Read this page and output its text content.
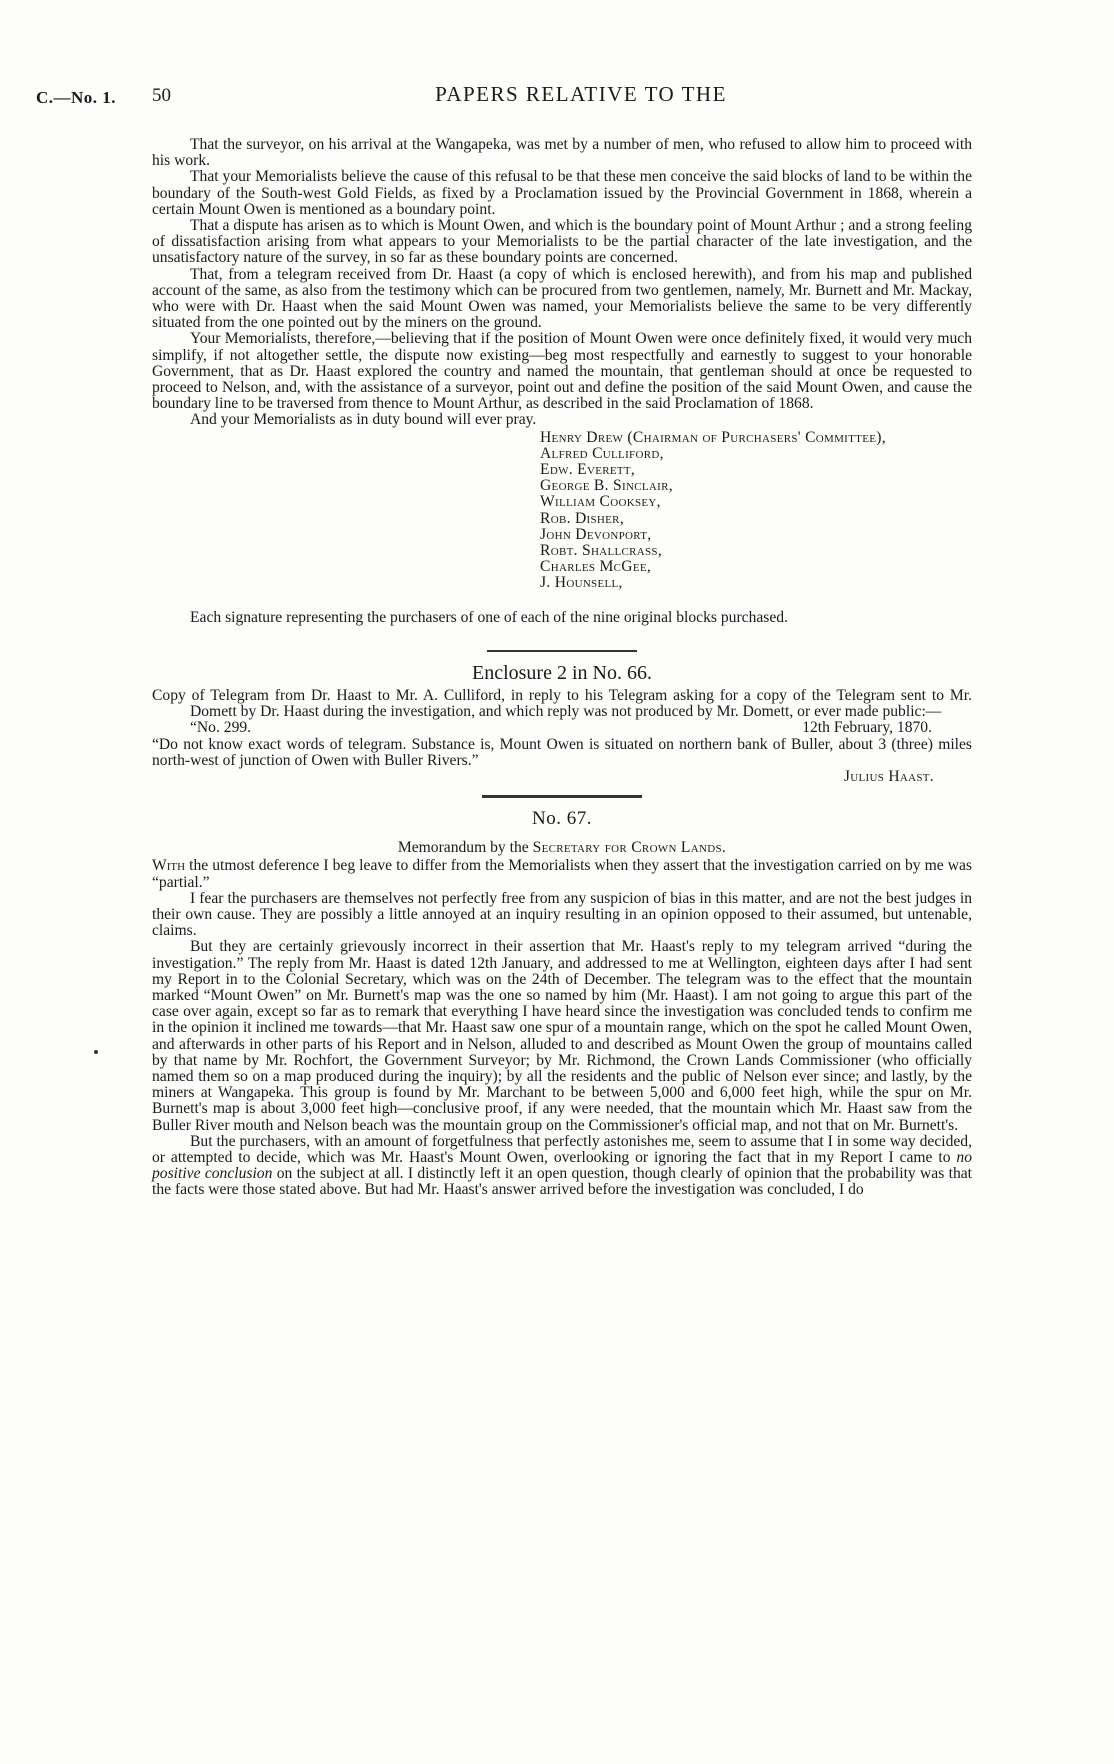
C.—No. 1. 50	PAPERS RELATIVE TO THE

That the surveyor, on his arrival at the Wangapeka, was met by a number of men, who refused to allow him to proceed with his work.

That your Memorialists believe the cause of this refusal to be that these men conceive the said blocks of land to be within the boundary of the South-west Gold Fields, as fixed by a Proclamation issued by the Provincial Government in 1868, wherein a certain Mount Owen is mentioned as a boundary point.

That a dispute has arisen as to which is Mount Owen, and which is the boundary point of Mount Arthur ; and a strong feeling of dissatisfaction arising from what appears to your Memorialists to be the partial character of the late investigation, and the unsatisfactory nature of the survey, in so far as these boundary points are concerned.

That, from a telegram received from Dr. Haast (a copy of which is enclosed herewith), and from his map and published account of the same, as also from the testimony which can be procured from two gentlemen, namely, Mr. Burnett and Mr. Mackay, who were with Dr. Haast when the said Mount Owen was named, your Memorialists believe the same to be very differently situated from the one pointed out by the miners on the ground.

Your Memorialists, therefore,—believing that if the position of Mount Owen were once definitely fixed, it would very much simplify, if not altogether settle, the dispute now existing—beg most respectfully and earnestly to suggest to your honorable Government, that as Dr. Haast explored the country and named the mountain, that gentleman should at once be requested to proceed to Nelson, and, with the assistance of a surveyor, point out and define the position of the said Mount Owen, and cause the boundary line to be traversed from thence to Mount Arthur, as described in the said Proclamation of 1868.

And your Memorialists as in duty bound will ever pray.

Henry Drew (Chairman of Purchasers' Committee),
Alfred Culliford,
Edw. Everett,
George B. Sinclair,
William Cooksey,
Rob. Disher,
John Devonport,
Robt. Shallcrass,
Charles McGee,
J. Hounsell,

Each signature representing the purchasers of one of each of the nine original blocks purchased.

Enclosure 2 in No. 66.

Copy of Telegram from Dr. Haast to Mr. A. Culliford, in reply to his Telegram asking for a copy of the Telegram sent to Mr. Domett by Dr. Haast during the investigation, and which reply was not produced by Mr. Domett, or ever made public:—

“No. 299.	12th February, 1870.

“Do not know exact words of telegram. Substance is, Mount Owen is situated on northern bank of Buller, about 3 (three) miles north-west of junction of Owen with Buller Rivers.”

Julius Haast.
No. 67.
Memorandum by the Secretary for Crown Lands.

With the utmost deference I beg leave to differ from the Memorialists when they assert that the investigation carried on by me was “partial.”

I fear the purchasers are themselves not perfectly free from any suspicion of bias in this matter, and are not the best judges in their own cause. They are possibly a little annoyed at an inquiry resulting in an opinion opposed to their assumed, but untenable, claims.

But they are certainly grievously incorrect in their assertion that Mr. Haast's reply to my telegram arrived “during the investigation.” The reply from Mr. Haast is dated 12th January, and addressed to me at Wellington, eighteen days after I had sent my Report in to the Colonial Secretary, which was on the 24th of December. The telegram was to the effect that the mountain marked “Mount Owen” on Mr. Burnett's map was the one so named by him (Mr. Haast). I am not going to argue this part of the case over again, except so far as to remark that everything I have heard since the investigation was concluded tends to confirm me in the opinion it inclined me towards—that Mr. Haast saw one spur of a mountain range, which on the spot he called Mount Owen, and afterwards in other parts of his Report and in Nelson, alluded to and described as Mount Owen the group of mountains called by that name by Mr. Rochfort, the Government Surveyor; by Mr. Richmond, the Crown Lands Commissioner (who officially named them so on a map produced during the inquiry); by all the residents and the public of Nelson ever since; and lastly, by the miners at Wangapeka. This group is found by Mr. Marchant to be between 5,000 and 6,000 feet high, while the spur on Mr. Burnett's map is about 3,000 feet high—conclusive proof, if any were needed, that the mountain which Mr. Haast saw from the Buller River mouth and Nelson beach was the mountain group on the Commissioner's official map, and not that on Mr. Burnett's.

But the purchasers, with an amount of forgetfulness that perfectly astonishes me, seem to assume that I in some way decided, or attempted to decide, which was Mr. Haast's Mount Owen, overlooking or ignoring the fact that in my Report I came to no positive conclusion on the subject at all. I distinctly left it an open question, though clearly of opinion that the probability was that the facts were those stated above. But had Mr. Haast's answer arrived before the investigation was concluded, I do
